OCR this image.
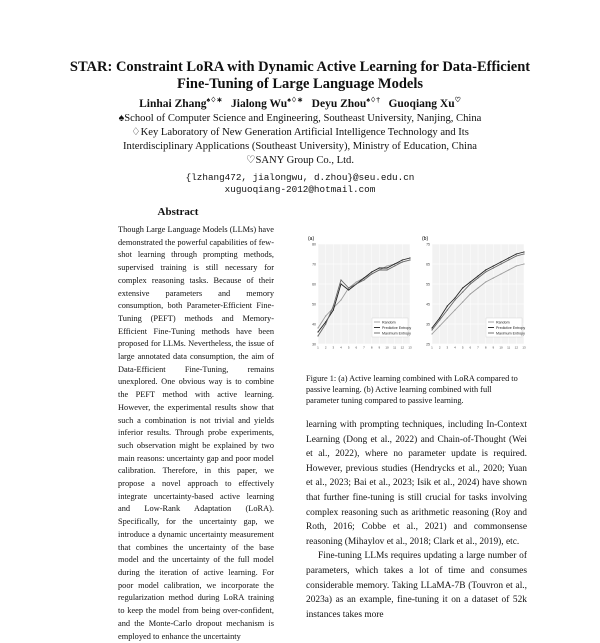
STAR: Constraint LoRA with Dynamic Active Learning for Data-Efficient
Fine-Tuning of Large Language Models
Linhai Zhang♠♢∗ Jialong Wu♠♢∗ Deyu Zhou♠♢† Guoqiang Xu♡
♠School of Computer Science and Engineering, Southeast University, Nanjing, China
♢Key Laboratory of New Generation Artificial Intelligence Technology and Its
Interdisciplinary Applications (Southeast University), Ministry of Education, China
♡SANY Group Co., Ltd.
{lzhang472, jialongwu, d.zhou}@seu.edu.cn
xuguoqiang-2012@hotmail.com
Abstract

Though Large Language Models (LLMs) have demonstrated the powerful capabilities of few-shot learning through prompting methods, supervised training is still necessary for complex reasoning tasks. Because of their extensive parameters and memory consumption, both Parameter-Efficient Fine-Tuning (PEFT) methods and Memory-Efficient Fine-Tuning methods have been proposed for LLMs. Nevertheless, the issue of large annotated data consumption, the aim of Data-Efficient Fine-Tuning, remains unexplored. One obvious way is to combine the PEFT method with active learning. However, the experimental results show that such a combination is not trivial and yields inferior results. Through probe experiments, such observation might be explained by two main reasons: uncertainty gap and poor model calibration. Therefore, in this paper, we propose a novel approach to effectively integrate uncertainty-based active learning and Low-Rank Adaptation (LoRA). Specifically, for the uncertainty gap, we introduce a dynamic uncertainty measurement that combines the uncertainty of the base model and the uncertainty of the full model during the iteration of active learning. For poor model calibration, we incorporate the regularization method during LoRA training to keep the model from being over-confident, and the Monte-Carlo dropout mechanism is employed to enhance the uncertainty

(a)	(b)
30
40
50
60
70
80
1 2 3 4 5 6 7 8 9 10 11 12 13
Random
Predictive Entropy
Maximum Entropy
25
35
45
55
65
75
1 2 3 4 5 6 7 8 9 10 11 12 13
Random
Predictive Entropy
Maximum Entropy
Figure 1: (a) Active learning combined with LoRA compared to passive learning. (b) Active learning combined with full parameter tuning compared to passive learning.

learning with prompting techniques, including In-Context Learning (Dong et al., 2022) and Chain-of-Thought (Wei et al., 2022), where no parameter update is required. However, previous studies (Hendrycks et al., 2020; Yuan et al., 2023; Bai et al., 2023; Isik et al., 2024) have shown that further fine-tuning is still crucial for tasks involving complex reasoning such as arithmetic reasoning (Roy and Roth, 2016; Cobbe et al., 2021) and commonsense reasoning (Mihaylov et al., 2018; Clark et al., 2019), etc.

Fine-tuning LLMs requires updating a large number of parameters, which takes a lot of time and consumes considerable memory. Taking LLaMA-7B (Touvron et al., 2023a) as an example, fine-tuning it on a dataset of 52k instances takes more
